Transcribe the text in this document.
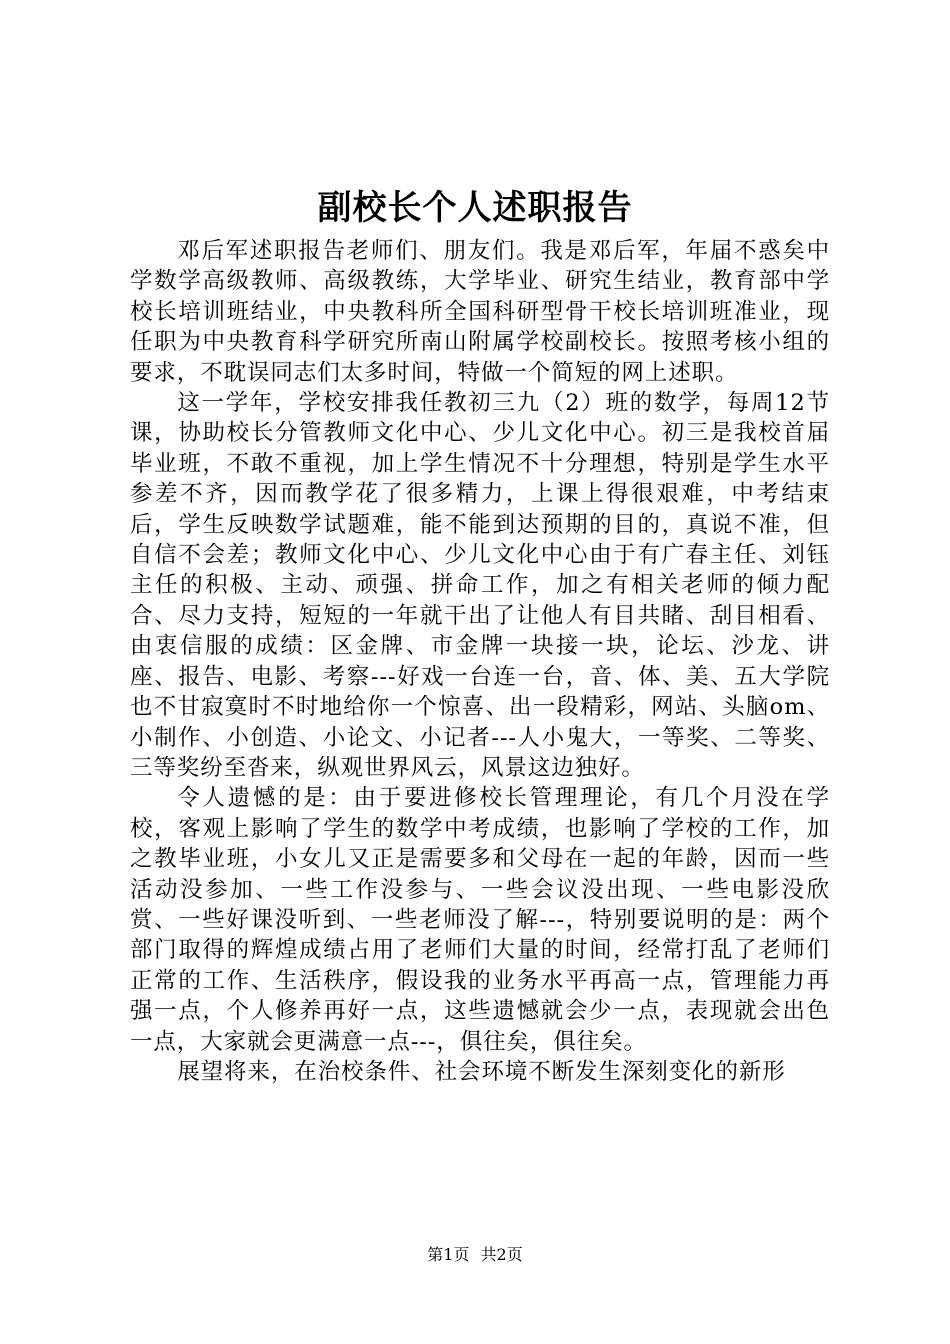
副校长个人述职报告

邓后军述职报告老师们、朋友们。我是邓后军，年届不惑矣中学数学高级教师、高级教练，大学毕业、研究生结业，教育部中学校长培训班结业，中央教科所全国科研型骨干校长培训班准业，现任职为中央教育科学研究所南山附属学校副校长。按照考核小组的要求，不耽误同志们太多时间，特做一个简短的网上述职。

这一学年，学校安排我任教初三九（2）班的数学，每周12节课，协助校长分管教师文化中心、少儿文化中心。初三是我校首届毕业班，不敢不重视，加上学生情况不十分理想，特别是学生水平参差不齐，因而教学花了很多精力，上课上得很艰难，中考结束后，学生反映数学试题难，能不能到达预期的目的，真说不准，但自信不会差；教师文化中心、少儿文化中心由于有广春主任、刘钰主任的积极、主动、顽强、拼命工作，加之有相关老师的倾力配合、尽力支持，短短的一年就干出了让他人有目共睹、刮目相看、由衷信服的成绩：区金牌、市金牌一块接一块，论坛、沙龙、讲座、报告、电影、考察---好戏一台连一台，音、体、美、五大学院也不甘寂寞时不时地给你一个惊喜、出一段精彩，网站、头脑om、小制作、小创造、小论文、小记者---人小鬼大，一等奖、二等奖、三等奖纷至沓来，纵观世界风云，风景这边独好。

令人遗憾的是：由于要进修校长管理理论，有几个月没在学校，客观上影响了学生的数学中考成绩，也影响了学校的工作，加之教毕业班，小女儿又正是需要多和父母在一起的年龄，因而一些活动没参加、一些工作没参与、一些会议没出现、一些电影没欣赏、一些好课没听到、一些老师没了解---，特别要说明的是：两个部门取得的辉煌成绩占用了老师们大量的时间，经常打乱了老师们正常的工作、生活秩序，假设我的业务水平再高一点，管理能力再强一点，个人修养再好一点，这些遗憾就会少一点，表现就会出色一点，大家就会更满意一点---，俱往矣，俱往矣。

展望将来，在治校条件、社会环境不断发生深刻变化的新形

第1页 共2页
